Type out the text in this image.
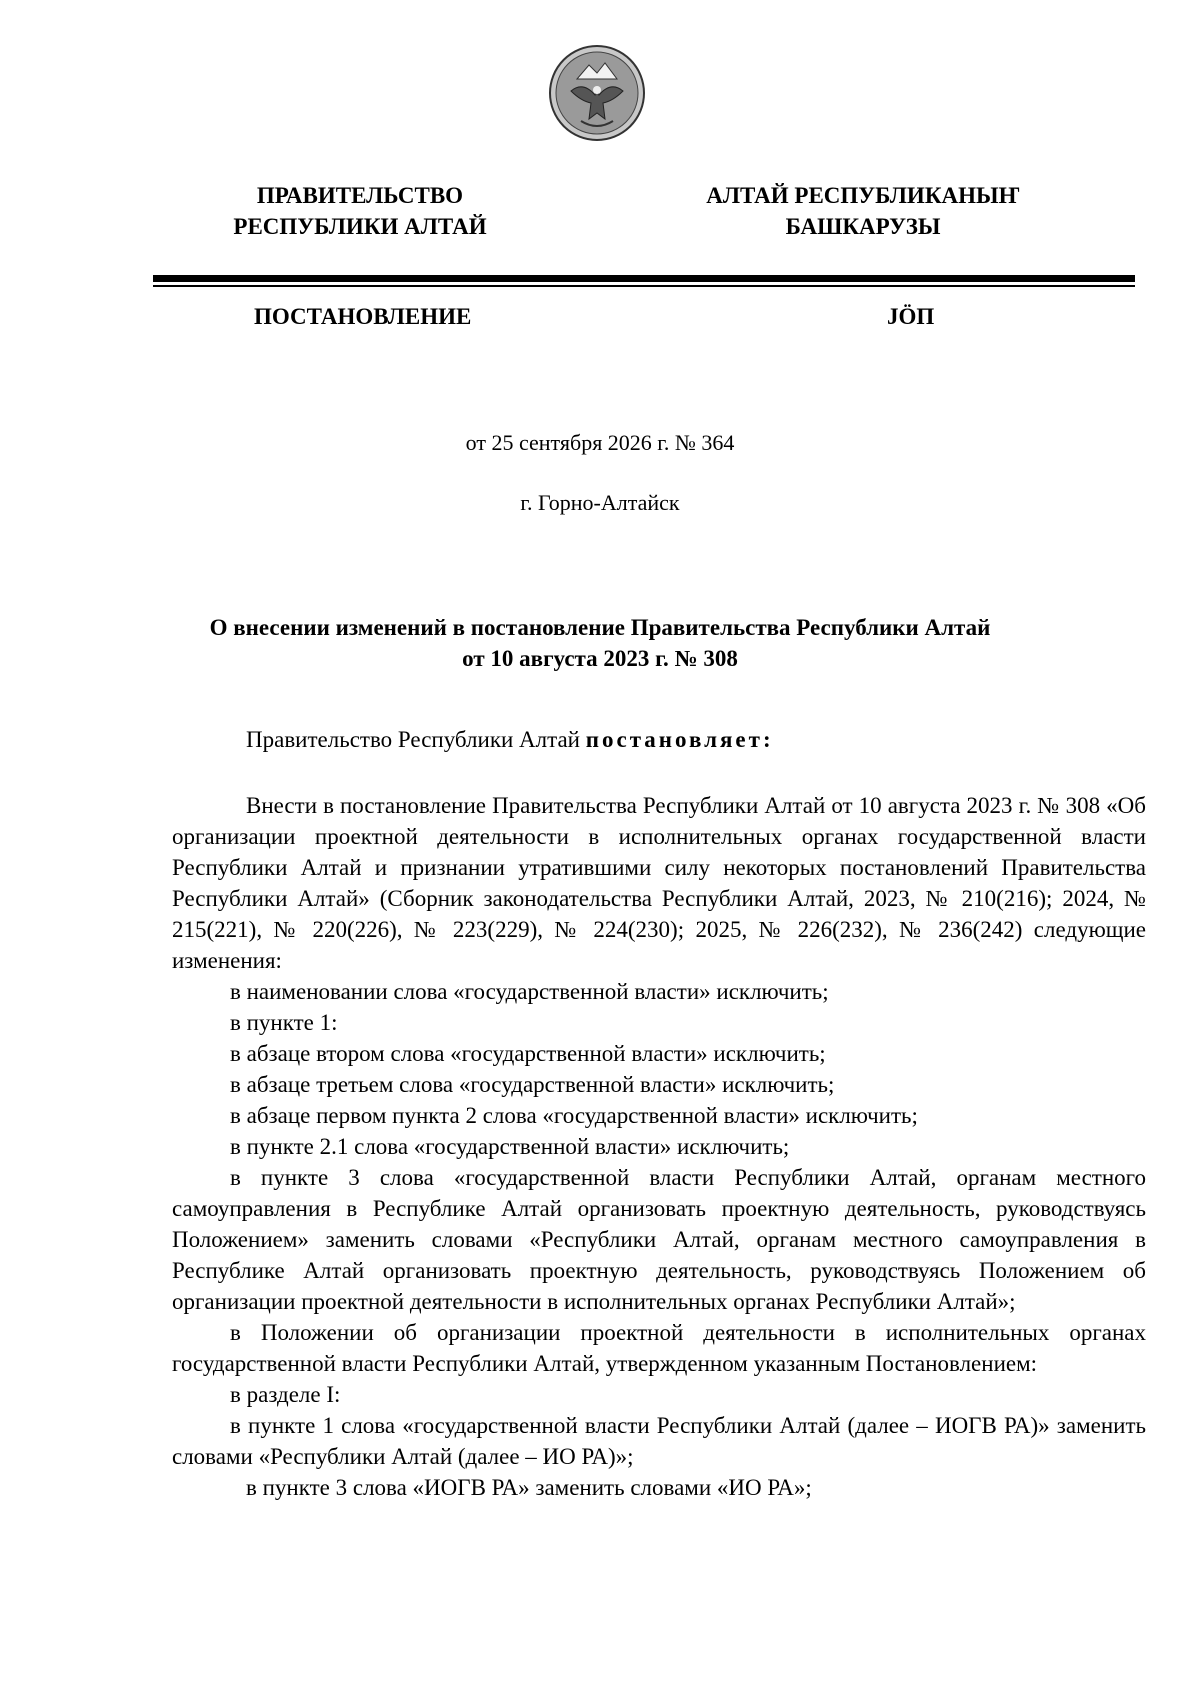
ПРАВИТЕЛЬСТВО
РЕСПУБЛИКИ АЛТАЙ
АЛТАЙ РЕСПУБЛИКАНЫҤ
БАШКАРУЗЫ
ПОСТАНОВЛЕНИЕ	JӦП
от 25 сентября 2026 г. № 364
г. Горно-Алтайск
О внесении изменений в постановление Правительства Республики Алтай
от 10 августа 2023 г. № 308
Правительство Республики Алтай постановляет:

Внести в постановление Правительства Республики Алтай от 10 августа 2023 г. № 308 «Об организации проектной деятельности в исполнительных органах государственной власти Республики Алтай и признании утратившими силу некоторых постановлений Правительства Республики Алтай» (Сборник законодательства Республики Алтай, 2023, № 210(216); 2024, № 215(221), № 220(226), № 223(229), № 224(230); 2025, № 226(232), № 236(242) следующие изменения:

в наименовании слова «государственной власти» исключить;

в пункте 1:

в абзаце втором слова «государственной власти» исключить;

в абзаце третьем слова «государственной власти» исключить;

в абзаце первом пункта 2 слова «государственной власти» исключить;

в пункте 2.1 слова «государственной власти» исключить;

в пункте 3 слова «государственной власти Республики Алтай, органам местного самоуправления в Республике Алтай организовать проектную деятельность, руководствуясь Положением» заменить словами «Республики Алтай, органам местного самоуправления в Республике Алтай организовать проектную деятельность, руководствуясь Положением об организации проектной деятельности в исполнительных органах Республики Алтай»;

в Положении об организации проектной деятельности в исполнительных органах государственной власти Республики Алтай, утвержденном указанным Постановлением:

в разделе I:

в пункте 1 слова «государственной власти Республики Алтай (далее – ИОГВ РА)» заменить словами «Республики Алтай (далее – ИО РА)»;

в пункте 3 слова «ИОГВ РА» заменить словами «ИО РА»;
